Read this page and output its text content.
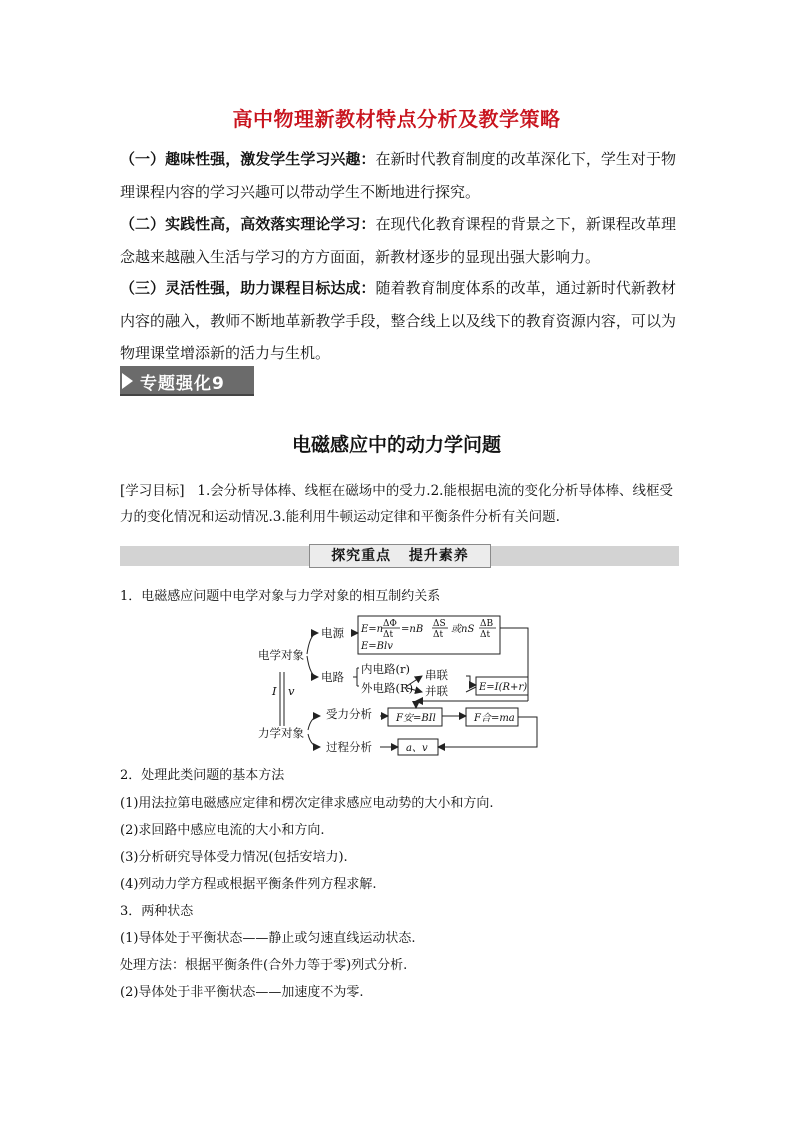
高中物理新教材特点分析及教学策略
（一）趣味性强，激发学生学习兴趣：在新时代教育制度的改革深化下，学生对于物理课程内容的学习兴趣可以带动学生不断地进行探究。
（二）实践性高，高效落实理论学习：在现代化教育课程的背景之下，新课程改革理念越来越融入生活与学习的方方面面，新教材逐步的显现出强大影响力。
（三）灵活性强，助力课程目标达成：随着教育制度体系的改革，通过新时代新教材内容的融入，教师不断地革新教学手段，整合线上以及线下的教育资源内容，可以为物理课堂增添新的活力与生机。
专题强化9
电磁感应中的动力学问题
[学习目标] 1.会分析导体棒、线框在磁场中的受力.2.能根据电流的变化分析导体棒、线框受力的变化情况和运动情况.3.能利用牛顿运动定律和平衡条件分析有关问题.
探究重点 提升素养
1．电磁感应问题中电学对象与力学对象的相互制约关系
电学对象
力学对象
电源
电路
内电路(r)
外电路(R)
串联
并联
受力分析
过程分析
I v
E=n ΔΦ
Δt =nB ΔS
Δt 或nS ΔB
Δt
E=Blv
E=I(R+r)
F安=BIl	F合=ma
a、v
2．处理此类问题的基本方法
(1)用法拉第电磁感应定律和楞次定律求感应电动势的大小和方向.
(2)求回路中感应电流的大小和方向.
(3)分析研究导体受力情况(包括安培力).
(4)列动力学方程或根据平衡条件列方程求解.
3．两种状态
(1)导体处于平衡状态——静止或匀速直线运动状态.
处理方法：根据平衡条件(合外力等于零)列式分析.
(2)导体处于非平衡状态——加速度不为零.
